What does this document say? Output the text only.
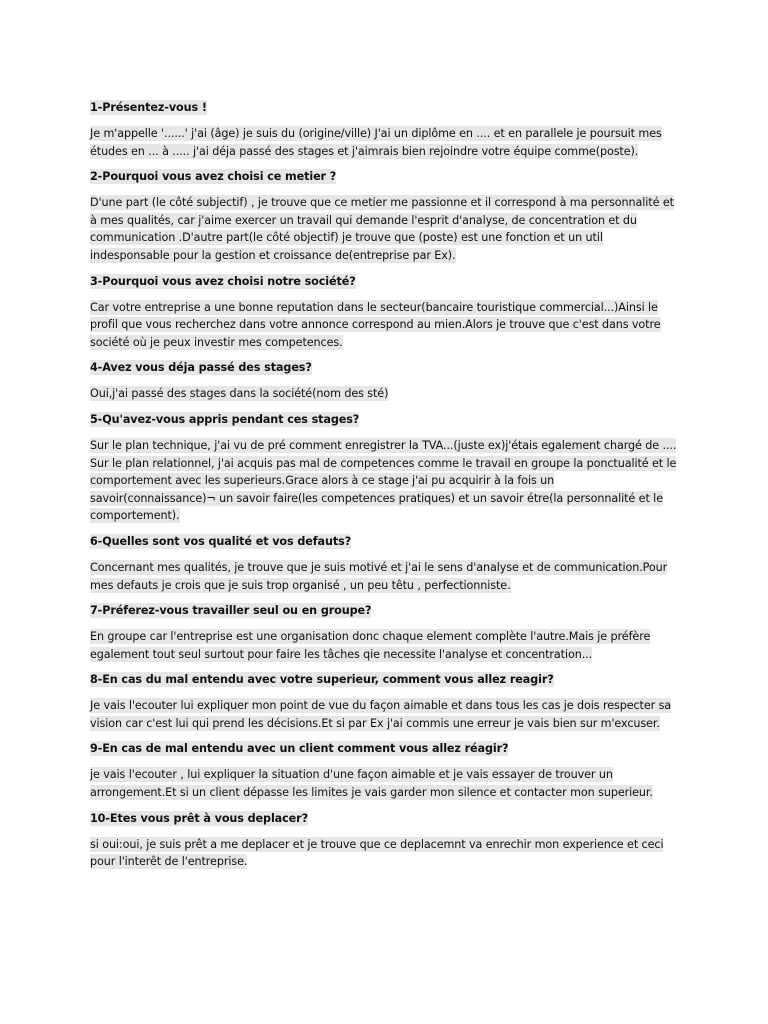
1-Présentez-vous !

Je m'appelle '......' j'ai (âge) je suis du (origine/ville) J'ai un diplôme en .... et en parallele je poursuit mes études en ... à ..... j'ai déja passé des stages et j'aimrais bien rejoindre votre équipe comme(poste).

2-Pourquoi vous avez choisi ce metier ?

D'une part (le côté subjectif) , je trouve que ce metier me passionne et il correspond à ma personnalité et à mes qualités, car j'aime exercer un travail qui demande l'esprit d'analyse, de concentration et du communication .D'autre part(le côté objectif) je trouve que (poste) est une fonction et un util indesponsable pour la gestion et croissance de(entreprise par Ex).

3-Pourquoi vous avez choisi notre société?

Car votre entreprise a une bonne reputation dans le secteur(bancaire touristique commercial...)Ainsi le profil que vous recherchez dans votre annonce correspond au mien.Alors je trouve que c'est dans votre société où je peux investir mes competences.

4-Avez vous déja passé des stages?

Oui,j'ai passé des stages dans la société(nom des sté)

5-Qu'avez-vous appris pendant ces stages?

Sur le plan technique, j'ai vu de pré comment enregistrer la TVA...(juste ex)j'étais egalement chargé de .... Sur le plan relationnel, j'ai acquis pas mal de competences comme le travail en groupe la ponctualité et le comportement avec les superieurs.Grace alors à ce stage j'ai pu acquirir à la fois un savoir(connaissance)¬ un savoir faire(les competences pratiques) et un savoir étre(la personnalité et le comportement).

6-Quelles sont vos qualité et vos defauts?

Concernant mes qualités, je trouve que je suis motivé et j'ai le sens d'analyse et de communication.Pour mes defauts je crois que je suis trop organisé , un peu têtu , perfectionniste.

7-Préferez-vous travailler seul ou en groupe?

En groupe car l'entreprise est une organisation donc chaque element complète l'autre.Mais je préfère egalement tout seul surtout pour faire les tâches qie necessite l'analyse et concentration...

8-En cas du mal entendu avec votre superieur, comment vous allez reagir?

Je vais l'ecouter lui expliquer mon point de vue du façon aimable et dans tous les cas je dois respecter sa vision car c'est lui qui prend les décisions.Et si par Ex j'ai commis une erreur je vais bien sur m'excuser.

9-En cas de mal entendu avec un client comment vous allez réagir?

je vais l'ecouter , lui expliquer la situation d'une façon aimable et je vais essayer de trouver un arrongement.Et si un client dépasse les limites je vais garder mon silence et contacter mon superieur.

10-Etes vous prêt à vous deplacer?

si oui:oui, je suis prêt a me deplacer et je trouve que ce deplacemnt va enrechir mon experience et ceci pour l'interêt de l'entreprise.
